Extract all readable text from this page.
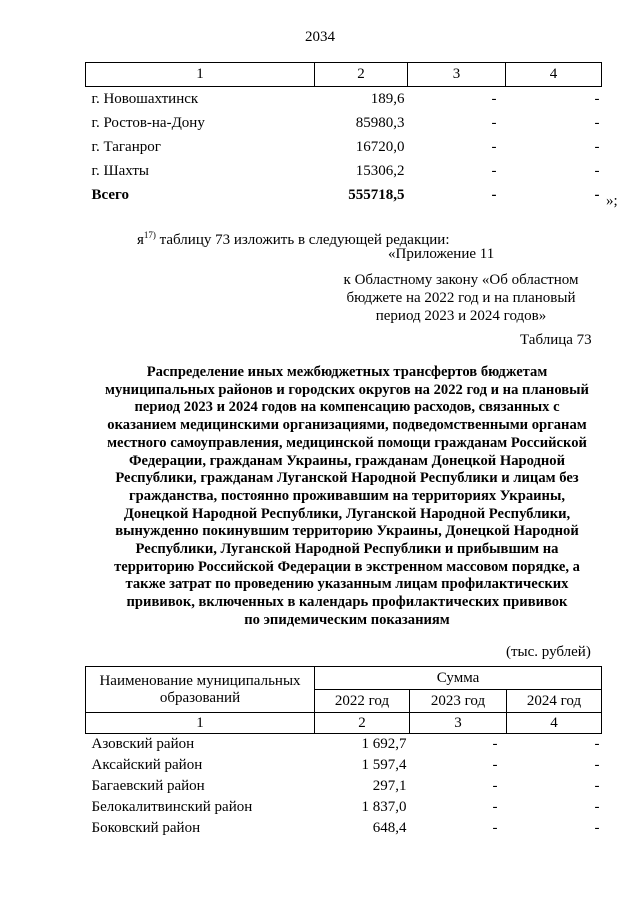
2034
1	2	3	4
г. Новошахтинск	189,6	-	-
г. Ростов-на-Дону	85980,3	-	-
г. Таганрог	16720,0	-	-
г. Шахты	15306,2	-	-
Всего	555718,5	-	- »;
$я^{17)}$ таблицу 73 изложить в следующей редакции:
«Приложение 11
к Областному закону «Об областном
бюджете на 2022 год и на плановый
период 2023 и 2024 годов»
Таблица 73
Распределение иных межбюджетных трансфертов бюджетам
муниципальных районов и городских округов на 2022 год и на плановый
период 2023 и 2024 годов на компенсацию расходов, связанных с
оказанием медицинскими организациями, подведомственными органам
местного самоуправления, медицинской помощи гражданам Российской
Федерации, гражданам Украины, гражданам Донецкой Народной
Республики, гражданам Луганской Народной Республики и лицам без
гражданства, постоянно проживавшим на территориях Украины,
Донецкой Народной Республики, Луганской Народной Республики,
вынужденно покинувшим территорию Украины, Донецкой Народной
Республики, Луганской Народной Республики и прибывшим на
территорию Российской Федерации в экстренном массовом порядке, а
также затрат по проведению указанным лицам профилактических
прививок, включенных в календарь профилактических прививок
по эпидемическим показаниям
(тыс. рублей)
Наименование муниципальных
образований	Сумма		
	2022 год	2023 год	2024 год
1	2	3	4
Азовский район	1 692,7	-	-
Аксайский район	1 597,4	-	-
Багаевский район	297,1	-	-
Белокалитвинский район	1 837,0	-	-
Боковский район	648,4	-	-
